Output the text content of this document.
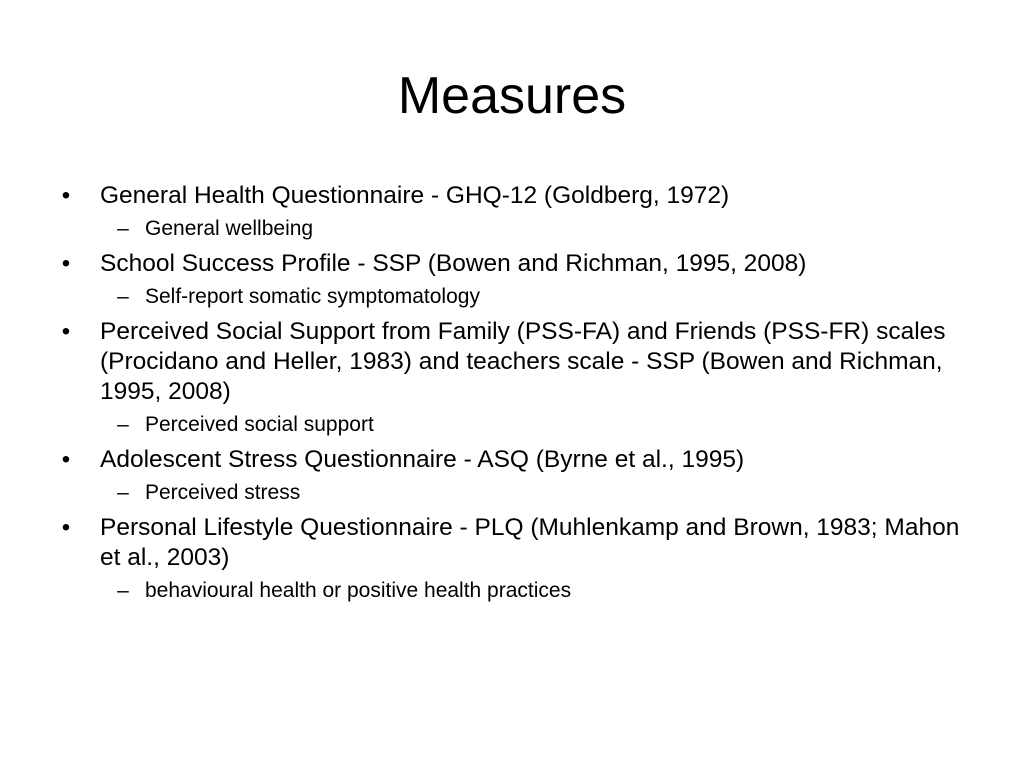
Measures
• General Health Questionnaire - GHQ-12 (Goldberg, 1972)
– General wellbeing
• School Success Profile - SSP (Bowen and Richman, 1995, 2008)
– Self-report somatic symptomatology
• Perceived Social Support from Family (PSS-FA) and Friends (PSS-FR) scales (Procidano and Heller, 1983) and teachers scale - SSP (Bowen and Richman, 1995, 2008)
– Perceived social support
• Adolescent Stress Questionnaire - ASQ (Byrne et al., 1995)
– Perceived stress
• Personal Lifestyle Questionnaire - PLQ (Muhlenkamp and Brown, 1983; Mahon et al., 2003)
– behavioural health or positive health practices
